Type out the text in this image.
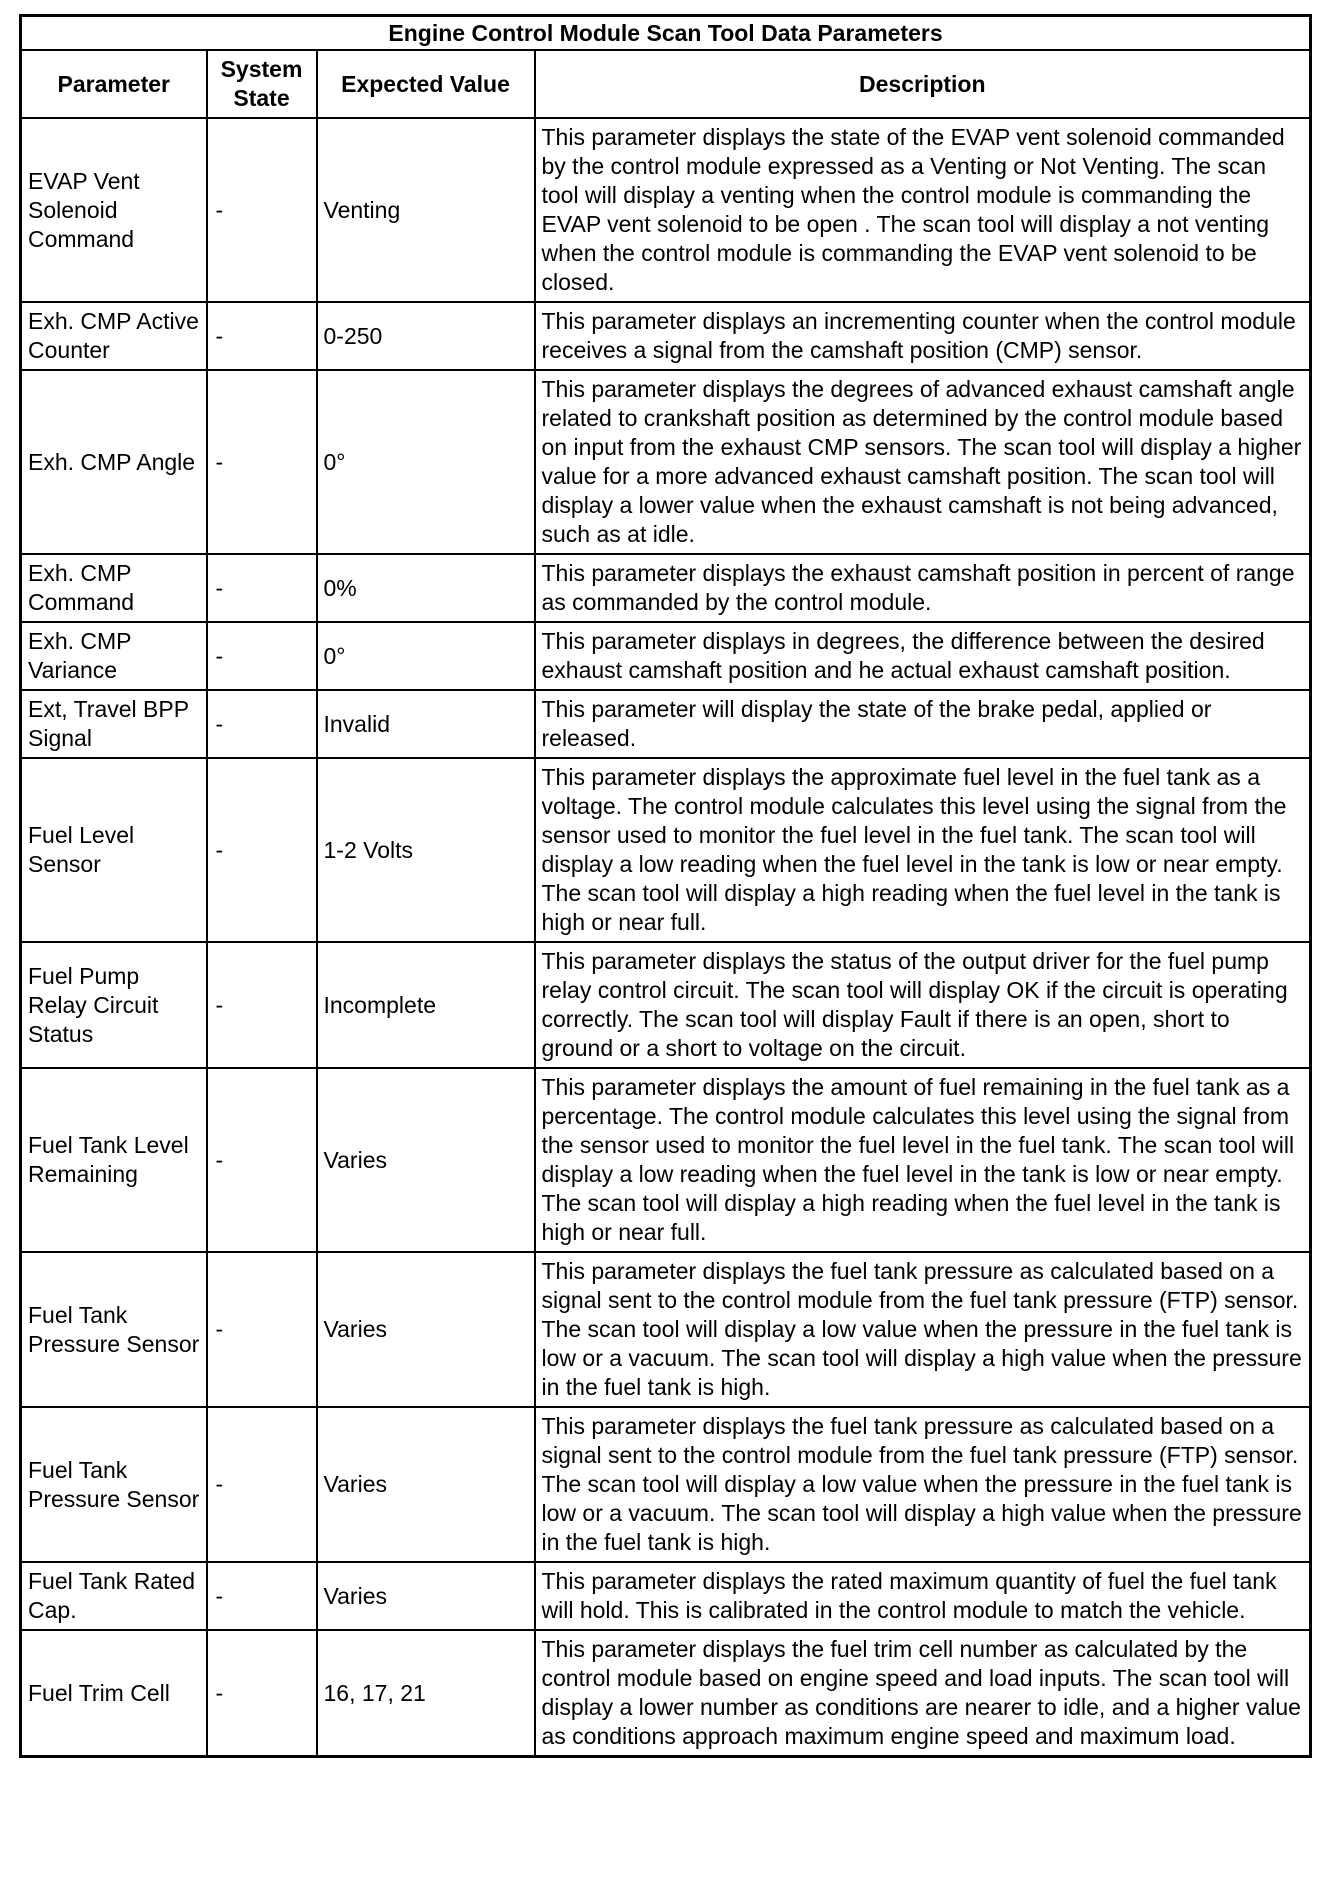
Engine Control Module Scan Tool Data Parameters			
Parameter	System State	Expected Value	Description
EVAP Vent Solenoid Command	-	Venting	This parameter displays the state of the EVAP vent solenoid commanded by the control module expressed as a Venting or Not Venting. The scan tool will display a venting when the control module is commanding the EVAP vent solenoid to be open . The scan tool will display a not venting when the control module is commanding the EVAP vent solenoid to be closed.
Exh. CMP Active Counter	-	0-250	This parameter displays an incrementing counter when the control module receives a signal from the camshaft position (CMP) sensor.
Exh. CMP Angle	-	0°	This parameter displays the degrees of advanced exhaust camshaft angle related to crankshaft position as determined by the control module based on input from the exhaust CMP sensors. The scan tool will display a higher value for a more advanced exhaust camshaft position. The scan tool will display a lower value when the exhaust camshaft is not being advanced, such as at idle.
Exh. CMP Command	-	0%	This parameter displays the exhaust camshaft position in percent of range as commanded by the control module.
Exh. CMP Variance	-	0°	This parameter displays in degrees, the difference between the desired exhaust camshaft position and he actual exhaust camshaft position.
Ext, Travel BPP Signal	-	Invalid	This parameter will display the state of the brake pedal, applied or released.
Fuel Level Sensor	-	1-2 Volts	This parameter displays the approximate fuel level in the fuel tank as a voltage. The control module calculates this level using the signal from the sensor used to monitor the fuel level in the fuel tank. The scan tool will display a low reading when the fuel level in the tank is low or near empty. The scan tool will display a high reading when the fuel level in the tank is high or near full.
Fuel Pump Relay Circuit Status	-	Incomplete	This parameter displays the status of the output driver for the fuel pump relay control circuit. The scan tool will display OK if the circuit is operating correctly. The scan tool will display Fault if there is an open, short to ground or a short to voltage on the circuit.
Fuel Tank Level Remaining	-	Varies	This parameter displays the amount of fuel remaining in the fuel tank as a percentage. The control module calculates this level using the signal from the sensor used to monitor the fuel level in the fuel tank. The scan tool will display a low reading when the fuel level in the tank is low or near empty. The scan tool will display a high reading when the fuel level in the tank is high or near full.
Fuel Tank Pressure Sensor	-	Varies	This parameter displays the fuel tank pressure as calculated based on a signal sent to the control module from the fuel tank pressure (FTP) sensor. The scan tool will display a low value when the pressure in the fuel tank is low or a vacuum. The scan tool will display a high value when the pressure in the fuel tank is high.
Fuel Tank Pressure Sensor	-	Varies	This parameter displays the fuel tank pressure as calculated based on a signal sent to the control module from the fuel tank pressure (FTP) sensor. The scan tool will display a low value when the pressure in the fuel tank is low or a vacuum. The scan tool will display a high value when the pressure in the fuel tank is high.
Fuel Tank Rated Cap.	-	Varies	This parameter displays the rated maximum quantity of fuel the fuel tank will hold. This is calibrated in the control module to match the vehicle.
Fuel Trim Cell	-	16, 17, 21	This parameter displays the fuel trim cell number as calculated by the control module based on engine speed and load inputs. The scan tool will display a lower number as conditions are nearer to idle, and a higher value as conditions approach maximum engine speed and maximum load.
